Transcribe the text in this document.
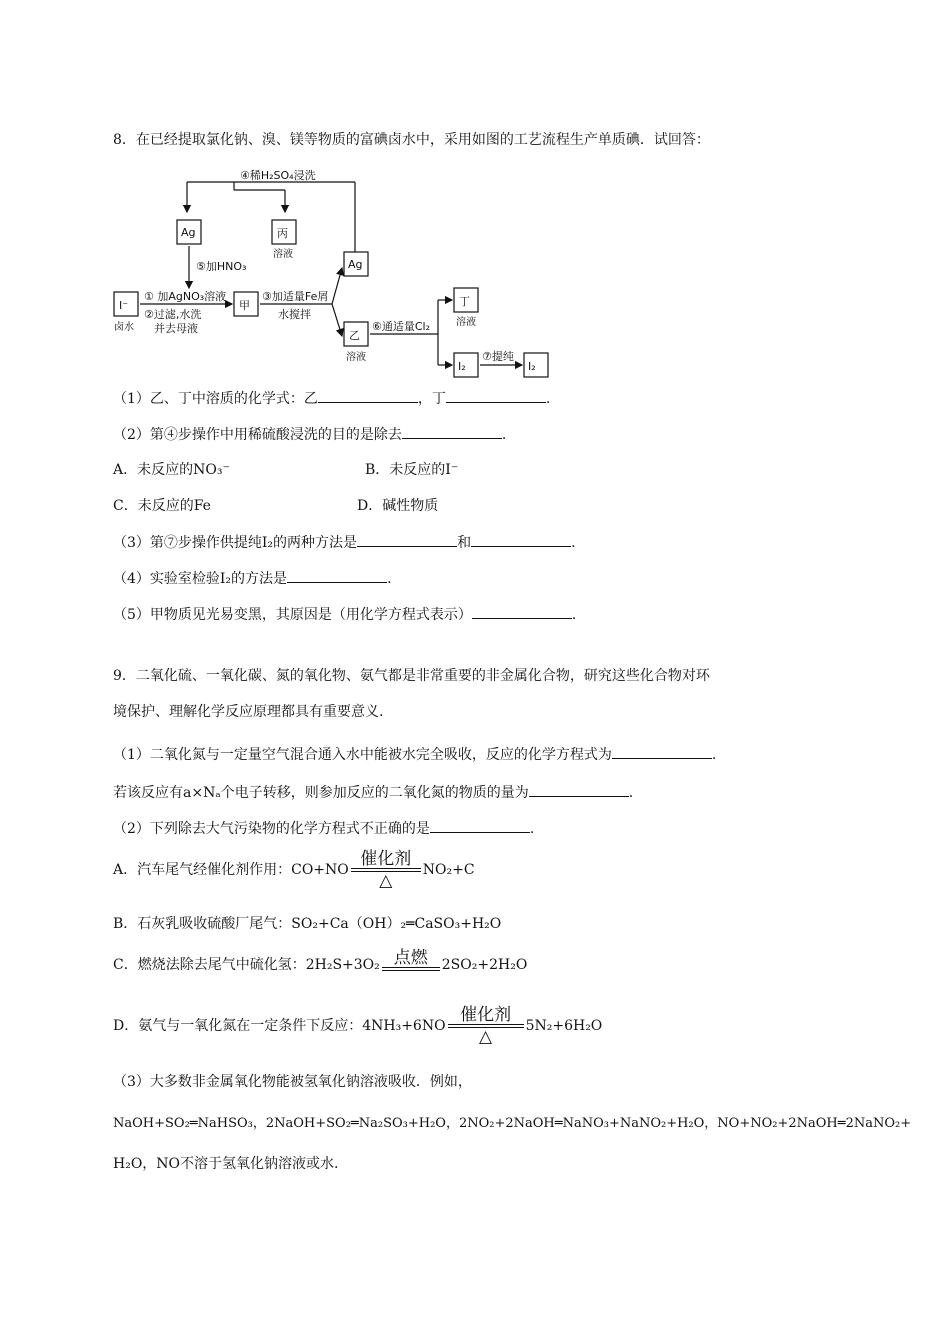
8．在已经提取氯化钠、溴、镁等物质的富碘卤水中，采用如图的工艺流程生产单质碘．试回答：
④稀H₂SO₄浸洗
Ag	丙
溶液
⑤加HNO₃
I⁻
卤水
① 加AgNO₃溶液
②过滤,水洗
并去母液
甲
③加适量Fe屑
水搅拌
Ag
乙
溶液
⑥通适量Cl₂
丁
溶液
I₂
⑦提纯
I₂
（1）乙、丁中溶质的化学式：乙	，丁	.
（2）第④步操作中用稀硫酸浸洗的目的是除去	.
A．未反应的NO₃⁻	B．未反应的I⁻
C．未反应的Fe	D．碱性物质
（3）第⑦步操作供提纯I₂的两种方法是	和	.
（4）实验室检验I₂的方法是	.
（5）甲物质见光易变黑，其原因是（用化学方程式表示）	.
9．二氧化硫、一氧化碳、氮的氧化物、氨气都是非常重要的非金属化合物，研究这些化合物对环
境保护、理解化学反应原理都具有重要意义.
（1）二氧化氮与一定量空气混合通入水中能被水完全吸收，反应的化学方程式为	.
若该反应有a×Nₐ个电子转移，则参加反应的二氧化氮的物质的量为	.
（2）下列除去大气污染物的化学方程式不正确的是	.
A．汽车尾气经催化剂作用：CO+NO
催化剂
△
NO₂+C
B．石灰乳吸收硫酸厂尾气：SO₂+Ca（OH）₂═CaSO₃+H₂O
C．燃烧法除去尾气中硫化氢：2H₂S+3O₂ 点燃	2SO₂+2H₂O
D．氨气与一氧化氮在一定条件下反应：4NH₃+6NO
催化剂
△
5N₂+6H₂O
（3）大多数非金属氧化物能被氢氧化钠溶液吸收．例如，
NaOH+SO₂═NaHSO₃，2NaOH+SO₂═Na₂SO₃+H₂O，2NO₂+2NaOH═NaNO₃+NaNO₂+H₂O，NO+NO₂+2NaOH═2NaNO₂+
H₂O，NO不溶于氢氧化钠溶液或水.
